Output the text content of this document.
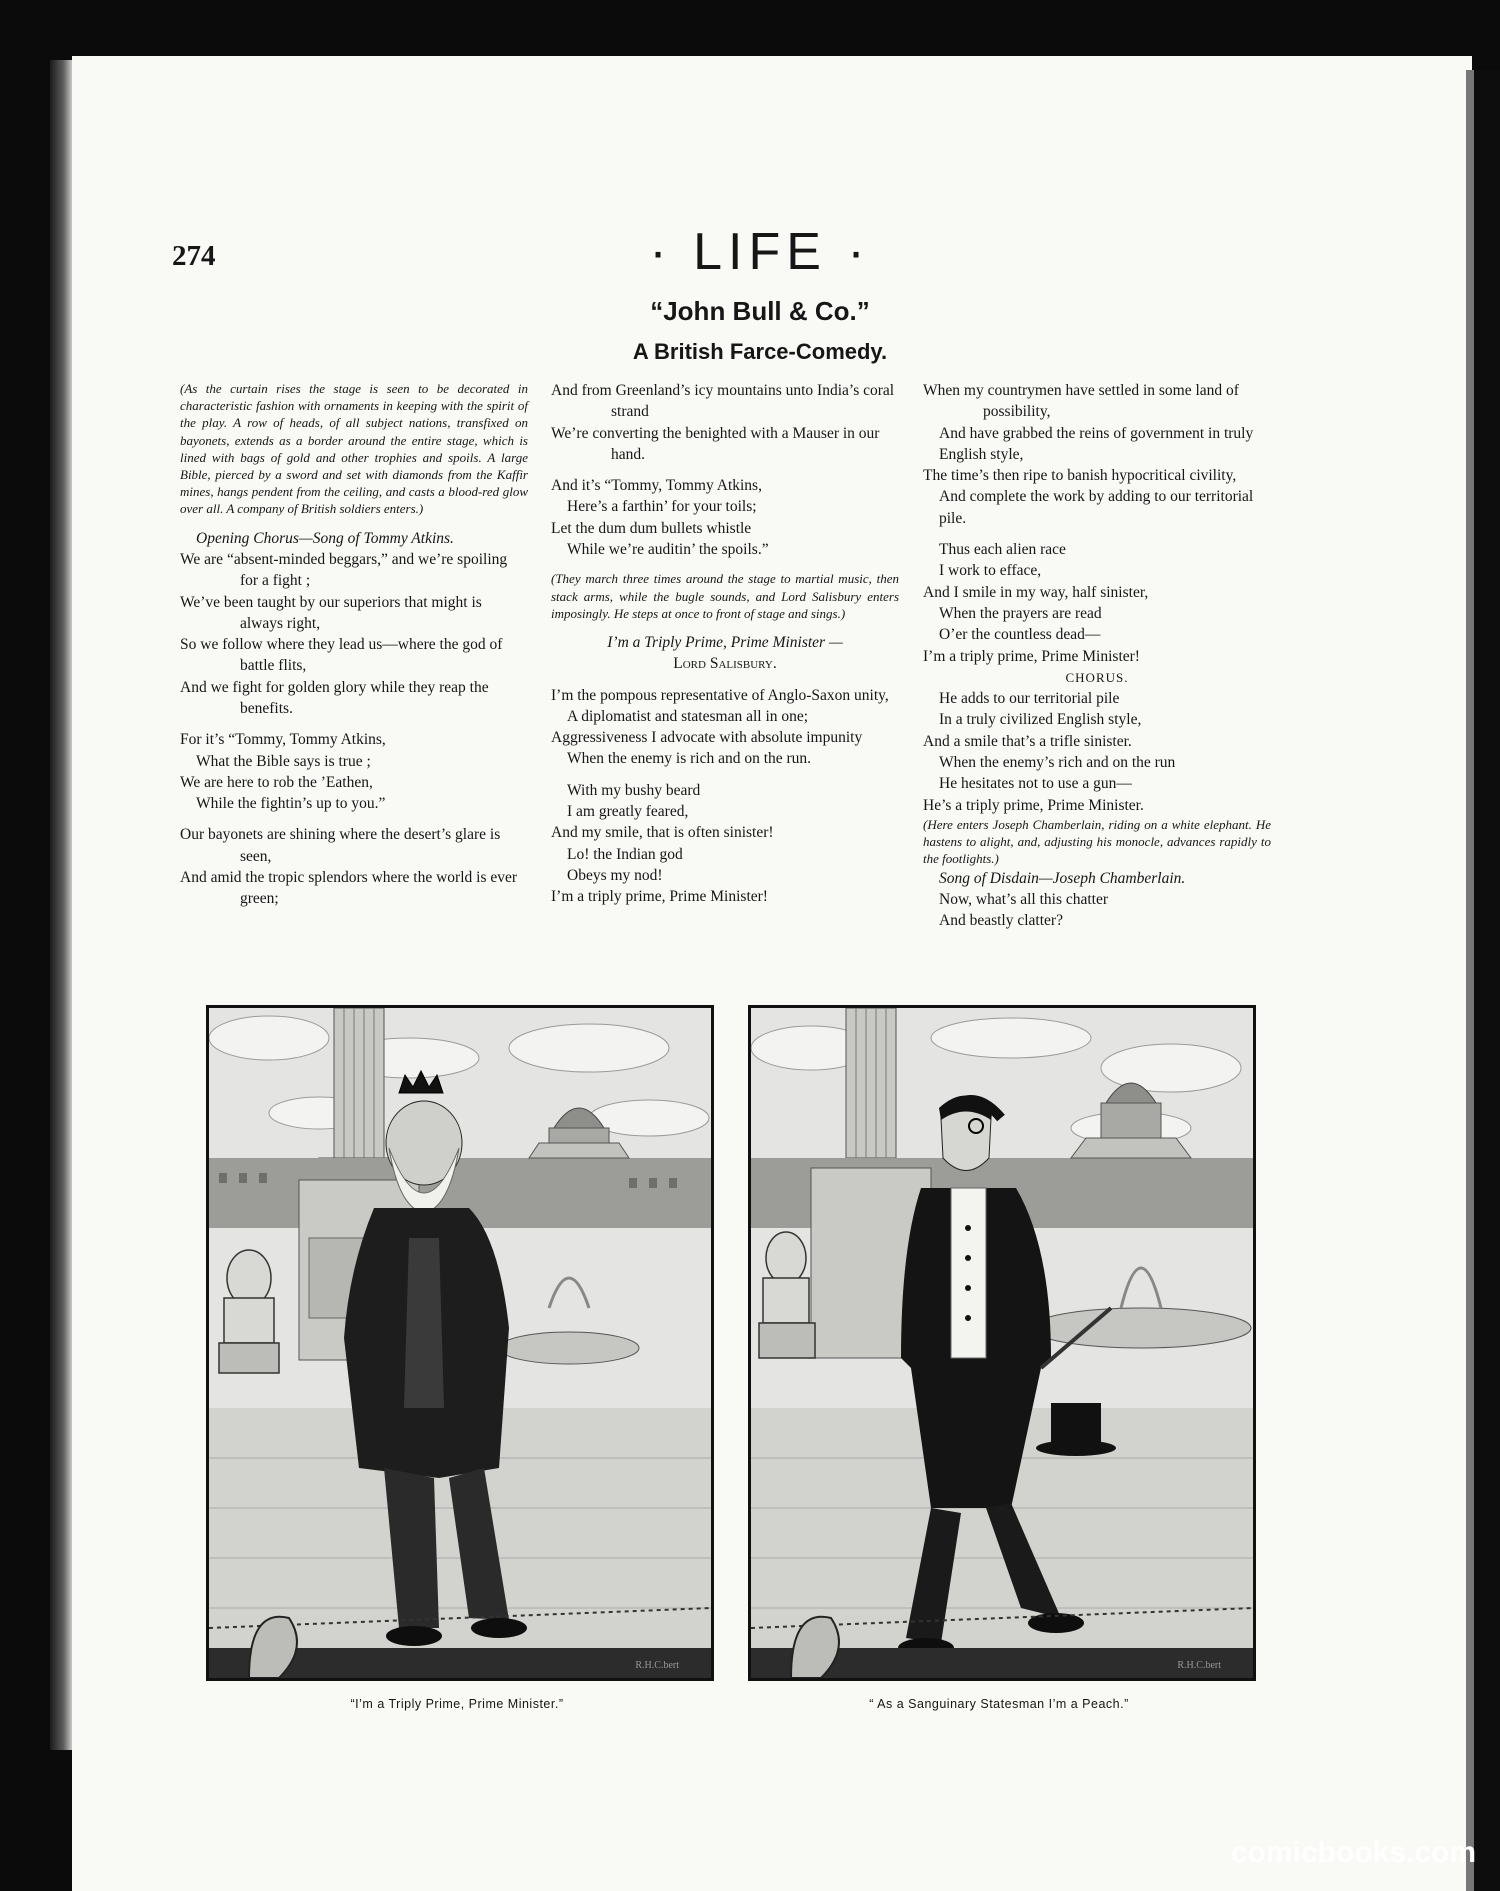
274	· LIFE ·
“John Bull & Co.”
A British Farce-Comedy.

(As the curtain rises the stage is seen to be decorated in characteristic fashion with ornaments in keeping with the spirit of the play. A row of heads, of all subject nations, transfixed on bayonets, extends as a border around the entire stage, which is lined with bags of gold and other trophies and spoils. A large Bible, pierced by a sword and set with diamonds from the Kaffir mines, hangs pendent from the ceiling, and casts a blood-red glow over all. A company of British soldiers enters.)

Opening Chorus—Song of Tommy Atkins.

We are “absent-minded beggars,” and we’re spoiling for a fight ;

We’ve been taught by our superiors that might is always right,

So we follow where they lead us—where the god of battle flits,

And we fight for golden glory while they reap the benefits.

For it’s “Tommy, Tommy Atkins,

What the Bible says is true ;

We are here to rob the ’Eathen,

While the fightin’s up to you.”

Our bayonets are shining where the desert’s glare is seen,

And amid the tropic splendors where the world is ever green;

And from Greenland’s icy mountains unto India’s coral strand

We’re converting the benighted with a Mauser in our hand.

And it’s “Tommy, Tommy Atkins,

Here’s a farthin’ for your toils;

Let the dum dum bullets whistle

While we’re auditin’ the spoils.”

(They march three times around the stage to martial music, then stack arms, while the bugle sounds, and Lord Salisbury enters imposingly. He steps at once to front of stage and sings.)

I’m a Triply Prime, Prime Minister —

Lord Salisbury.

I’m the pompous representative of Anglo-Saxon unity,

A diplomatist and statesman all in one;

Aggressiveness I advocate with absolute impunity

When the enemy is rich and on the run.

With my bushy beard

I am greatly feared,

And my smile, that is often sinister!

Lo! the Indian god

Obeys my nod!

I’m a triply prime, Prime Minister!

When my countrymen have settled in some land of possibility,

And have grabbed the reins of government in truly English style,

The time’s then ripe to banish hypocritical civility,

And complete the work by adding to our territorial pile.

Thus each alien race

I work to efface,

And I smile in my way, half sinister,

When the prayers are read

O’er the countless dead—

I’m a triply prime, Prime Minister!

CHORUS.

He adds to our territorial pile

In a truly civilized English style,

And a smile that’s a trifle sinister.

When the enemy’s rich and on the run

He hesitates not to use a gun—

He’s a triply prime, Prime Minister.

(Here enters Joseph Chamberlain, riding on a white elephant. He hastens to alight, and, adjusting his monocle, advances rapidly to the footlights.)

Song of Disdain—Joseph Chamberlain.

Now, what’s all this chatter

And beastly clatter?

R.H.C.bert	R.H.C.bert
“I’m a Triply Prime, Prime Minister.”	“ As a Sanguinary Statesman I’m a Peach.”
comicbooks.com
